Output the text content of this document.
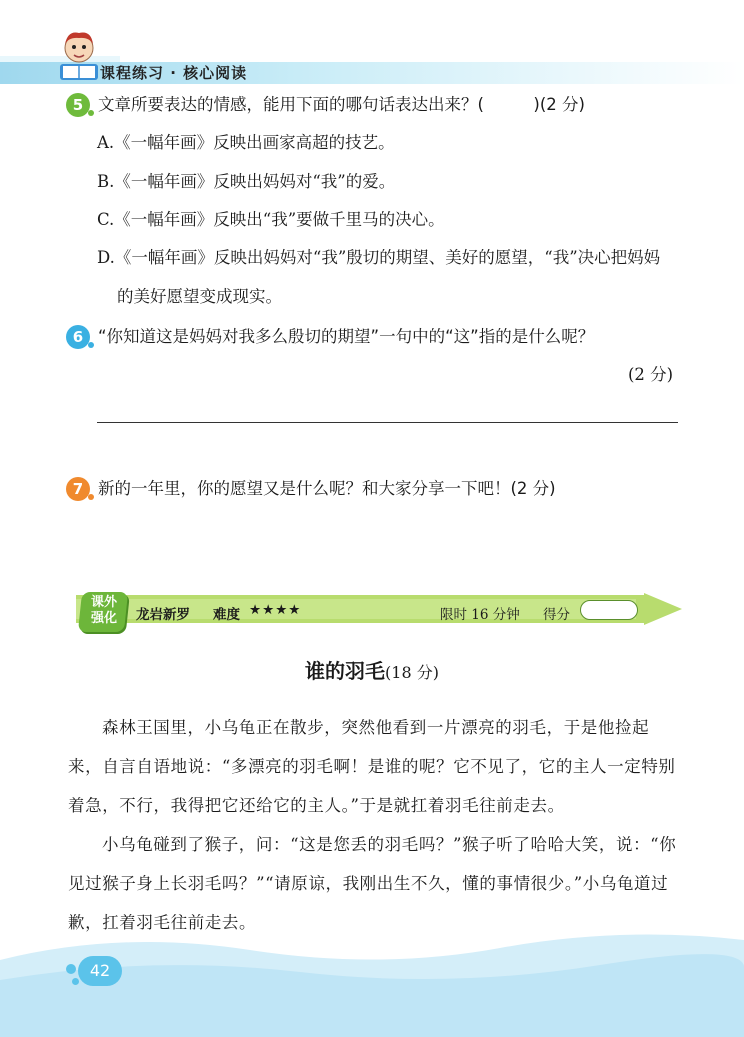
课程练习 · 核心阅读
5 文章所要表达的情感，能用下面的哪句话表达出来？(　　　)(2 分)
A.《一幅年画》反映出画家高超的技艺。
B.《一幅年画》反映出妈妈对“我”的爱。
C.《一幅年画》反映出“我”要做千里马的决心。
D.《一幅年画》反映出妈妈对“我”殷切的期望、美好的愿望，“我”决心把妈妈
的美好愿望变成现实。
6 “你知道这是妈妈对我多么殷切的期望”一句中的“这”指的是什么呢？
(2 分)
7 新的一年里，你的愿望又是什么呢？和大家分享一下吧！(2 分)
课外
强化	龙岩新罗 难度 ★★★★	限时 16 分钟 得分
谁的羽毛(18 分)
森林王国里，小乌龟正在散步，突然他看到一片漂亮的羽毛，于是他捡起
来，自言自语地说：“多漂亮的羽毛啊！是谁的呢？它不见了，它的主人一定特别
着急，不行，我得把它还给它的主人。”于是就扛着羽毛往前走去。
小乌龟碰到了猴子，问：“这是您丢的羽毛吗？”猴子听了哈哈大笑，说：“你
见过猴子身上长羽毛吗？”“请原谅，我刚出生不久，懂的事情很少。”小乌龟道过
歉，扛着羽毛往前走去。
42
